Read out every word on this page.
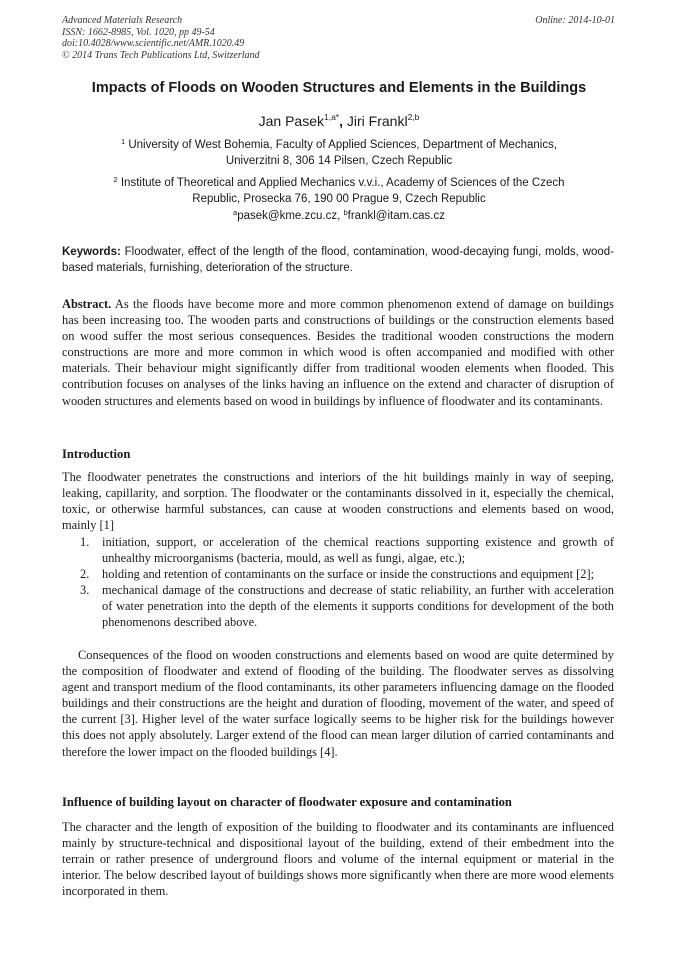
Advanced Materials Research
ISSN: 1662-8985, Vol. 1020, pp 49-54
doi:10.4028/www.scientific.net/AMR.1020.49
© 2014 Trans Tech Publications Ltd, Switzerland
Online: 2014-10-01
Impacts of Floods on Wooden Structures and Elements in the Buildings
Jan Pasek$^{1,a*}$, Jiri Frankl$^{2,b}$
$^1$ University of West Bohemia, Faculty of Applied Sciences, Department of Mechanics,
Univerzitni 8, 306 14 Pilsen, Czech Republic
$^2$ Institute of Theoretical and Applied Mechanics v.v.i., Academy of Sciences of the Czech
Republic, Prosecka 76, 190 00 Prague 9, Czech Republic
$^a$pasek@kme.zcu.cz, $^b$frankl@itam.cas.cz
Keywords: Floodwater, effect of the length of the flood, contamination, wood-decaying fungi, molds, wood-based materials, furnishing, deterioration of the structure.
Abstract. As the floods have become more and more common phenomenon extend of damage on buildings has been increasing too. The wooden parts and constructions of buildings or the construction elements based on wood suffer the most serious consequences. Besides the traditional wooden constructions the modern constructions are more and more common in which wood is often accompanied and modified with other materials. Their behaviour might significantly differ from traditional wooden elements when flooded. This contribution focuses on analyses of the links having an influence on the extend and character of disruption of wooden structures and elements based on wood in buildings by influence of floodwater and its contaminants.
Introduction
The floodwater penetrates the constructions and interiors of the hit buildings mainly in way of seeping, leaking, capillarity, and sorption. The floodwater or the contaminants dissolved in it, especially the chemical, toxic, or otherwise harmful substances, can cause at wooden constructions and elements based on wood, mainly [1]
1. initiation, support, or acceleration of the chemical reactions supporting existence and growth of unhealthy microorganisms (bacteria, mould, as well as fungi, algae, etc.);
2. holding and retention of contaminants on the surface or inside the constructions and equipment [2];
3. mechanical damage of the constructions and decrease of static reliability, an further with acceleration of water penetration into the depth of the elements it supports conditions for development of the both phenomenons described above.
Consequences of the flood on wooden constructions and elements based on wood are quite determined by the composition of floodwater and extend of flooding of the building. The floodwater serves as dissolving agent and transport medium of the flood contaminants, its other parameters influencing damage on the flooded buildings and their constructions are the height and duration of flooding, movement of the water, and speed of the current [3]. Higher level of the water surface logically seems to be higher risk for the buildings however this does not apply absolutely. Larger extend of the flood can mean larger dilution of carried contaminants and therefore the lower impact on the flooded buildings [4].
Influence of building layout on character of floodwater exposure and contamination
The character and the length of exposition of the building to floodwater and its contaminants are influenced mainly by structure-technical and dispositional layout of the building, extend of their embedment into the terrain or rather presence of underground floors and volume of the internal equipment or material in the interior. The below described layout of buildings shows more significantly when there are more wood elements incorporated in them.
